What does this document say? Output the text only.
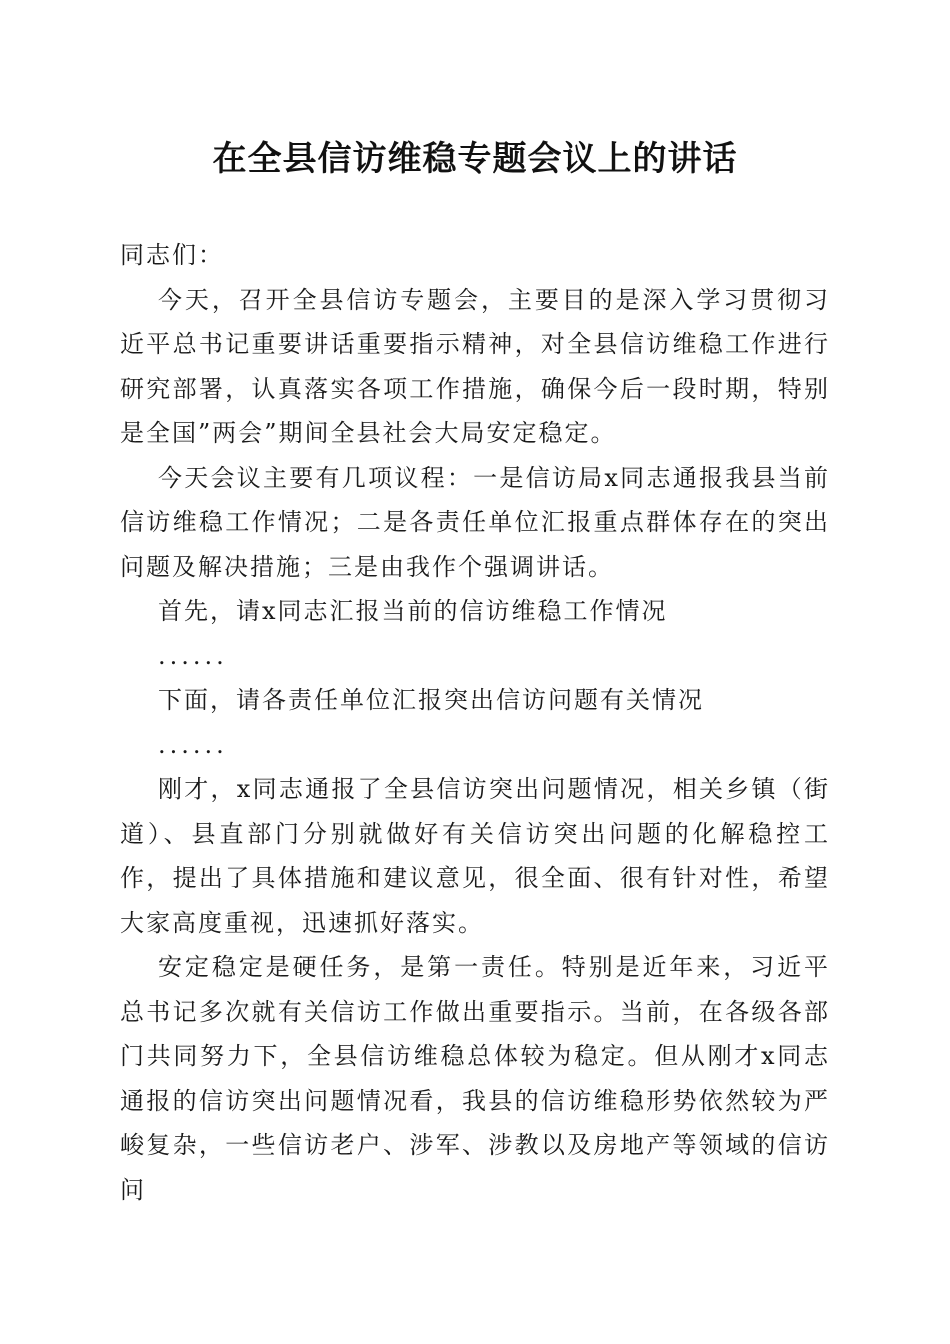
在全县信访维稳专题会议上的讲话

同志们：

今天，召开全县信访专题会，主要目的是深入学习贯彻习近平总书记重要讲话重要指示精神，对全县信访维稳工作进行研究部署，认真落实各项工作措施，确保今后一段时期，特别是全国”两会”期间全县社会大局安定稳定。

今天会议主要有几项议程：一是信访局x同志通报我县当前信访维稳工作情况；二是各责任单位汇报重点群体存在的突出问题及解决措施；三是由我作个强调讲话。

首先，请x同志汇报当前的信访维稳工作情况

......

下面，请各责任单位汇报突出信访问题有关情况

......

刚才，x同志通报了全县信访突出问题情况，相关乡镇（街道）、县直部门分别就做好有关信访突出问题的化解稳控工作，提出了具体措施和建议意见，很全面、很有针对性，希望大家高度重视，迅速抓好落实。

安定稳定是硬任务，是第一责任。特别是近年来，习近平总书记多次就有关信访工作做出重要指示。当前，在各级各部门共同努力下，全县信访维稳总体较为稳定。但从刚才x同志通报的信访突出问题情况看，我县的信访维稳形势依然较为严峻复杂，一些信访老户、涉军、涉教以及房地产等领域的信访问
